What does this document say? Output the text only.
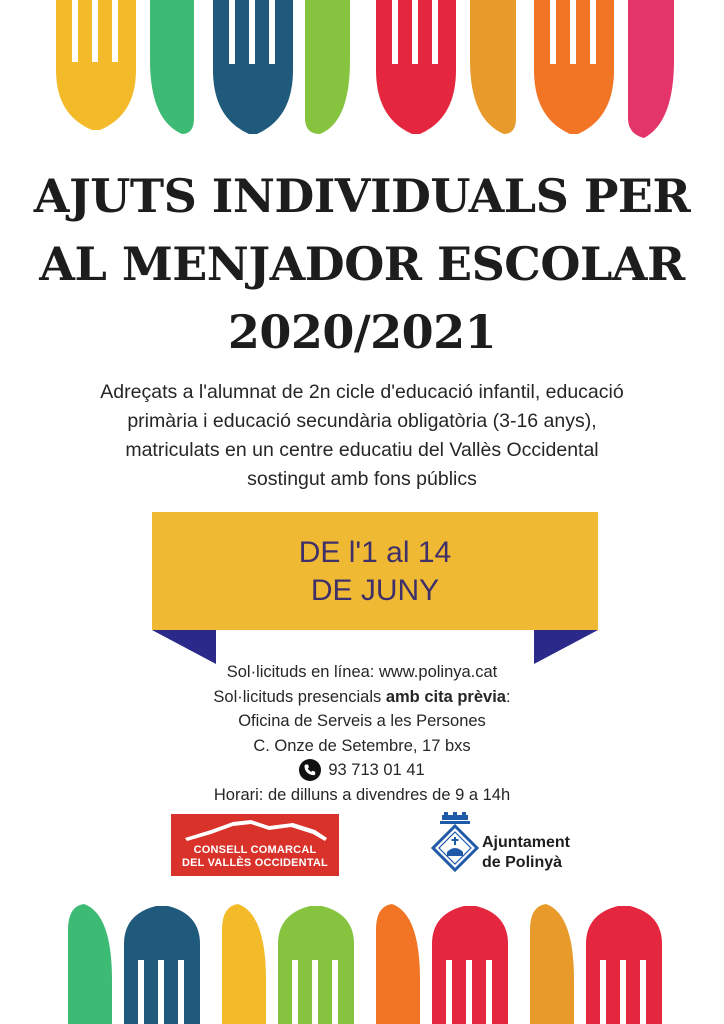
AJUTS INDIVIDUALS PER
AL MENJADOR ESCOLAR
2020/2021
Adreçats a l'alumnat de 2n cicle d'educació infantil, educació
primària i educació secundària obligatòria (3-16 anys),
matriculats en un centre educatiu del Vallès Occidental
sostingut amb fons públics
DE l'1 al 14
DE JUNY
Sol·licituds en línea: www.polinya.cat
Sol·licituds presencials amb cita prèvia:
Oficina de Serveis a les Persones
C. Onze de Setembre, 17 bxs
93 713 01 41
Horari: de dilluns a divendres de 9 a 14h
CONSELL COMARCAL
DEL VALLÈS OCCIDENTAL
Ajuntament
de Polinyà
